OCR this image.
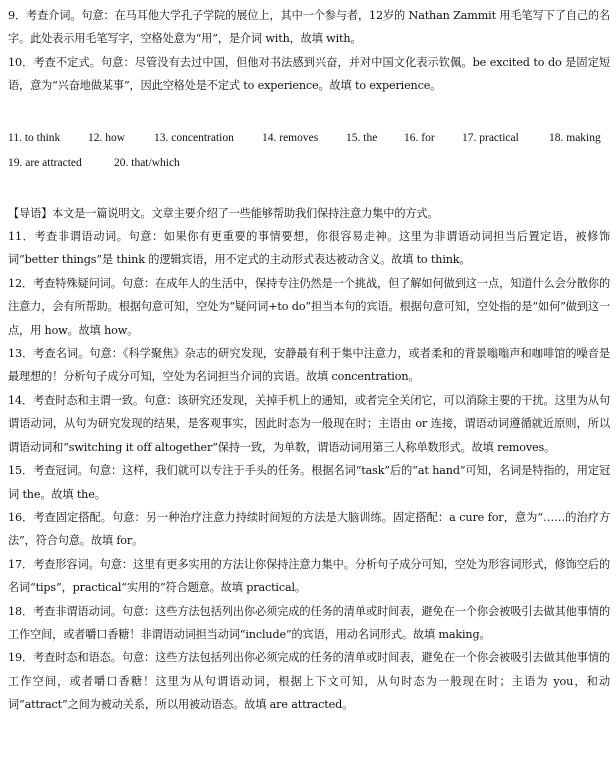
9．考查介词。句意：在马耳他大学孔子学院的展位上，其中一个参与者，12岁的 Nathan Zammit 用毛笔写下了自己的名字。此处表示用毛笔写字，空格处意为“用”，是介词 with，故填 with。

10．考查不定式。句意：尽管没有去过中国，但他对书法感到兴奋，并对中国文化表示钦佩。be excited to do 是固定短语，意为“兴奋地做某事”，因此空格处是不定式 to experience。故填 to experience。

11. to think 12. how	13. concentration 14. removes 15. the 16. for 17. practical	18. making
19. are attracted	20. that/which

【导语】本文是一篇说明文。文章主要介绍了一些能够帮助我们保持注意力集中的方式。

11．考查非谓语动词。句意：如果你有更重要的事情要想，你很容易走神。这里为非谓语动词担当后置定语，被修饰词“better things”是 think 的逻辑宾语，用不定式的主动形式表达被动含义。故填 to think。

12．考查特殊疑问词。句意：在成年人的生活中，保持专注仍然是一个挑战，但了解如何做到这一点，知道什么会分散你的注意力，会有所帮助。根据句意可知，空处为“疑问词+to do”担当本句的宾语。根据句意可知，空处指的是“如何”做到这一点，用 how。故填 how。

13．考查名词。句意：《科学聚焦》杂志的研究发现，安静最有利于集中注意力，或者柔和的背景嗡嗡声和咖啡馆的噪音是最理想的！分析句子成分可知，空处为名词担当介词的宾语。故填 concentration。

14．考查时态和主谓一致。句意：该研究还发现，关掉手机上的通知，或者完全关闭它，可以消除主要的干扰。这里为从句谓语动词，从句为研究发现的结果，是客观事实，因此时态为一般现在时；主语由 or 连接，谓语动词遵循就近原则，所以谓语动词和“switching it off altogether”保持一致，为单数，谓语动词用第三人称单数形式。故填 removes。

15．考查冠词。句意：这样，我们就可以专注于手头的任务。根据名词“task”后的“at hand”可知，名词是特指的，用定冠词 the。故填 the。

16．考查固定搭配。句意：另一种治疗注意力持续时间短的方法是大脑训练。固定搭配：a cure for，意为“……的治疗方法”，符合句意。故填 for。

17．考查形容词。句意：这里有更多实用的方法让你保持注意力集中。分析句子成分可知，空处为形容词形式，修饰空后的名词“tips”，practical“实用的”符合题意。故填 practical。

18．考查非谓语动词。句意：这些方法包括列出你必须完成的任务的清单或时间表，避免在一个你会被吸引去做其他事情的工作空间，或者嚼口香糖！非谓语动词担当动词“include”的宾语，用动名词形式。故填 making。

19．考查时态和语态。句意：这些方法包括列出你必须完成的任务的清单或时间表，避免在一个你会被吸引去做其他事情的工作空间，或者嚼口香糖！这里为从句谓语动词，根据上下文可知，从句时态为一般现在时；主语为 you，和动词“attract”之间为被动关系，所以用被动语态。故填 are attracted。
